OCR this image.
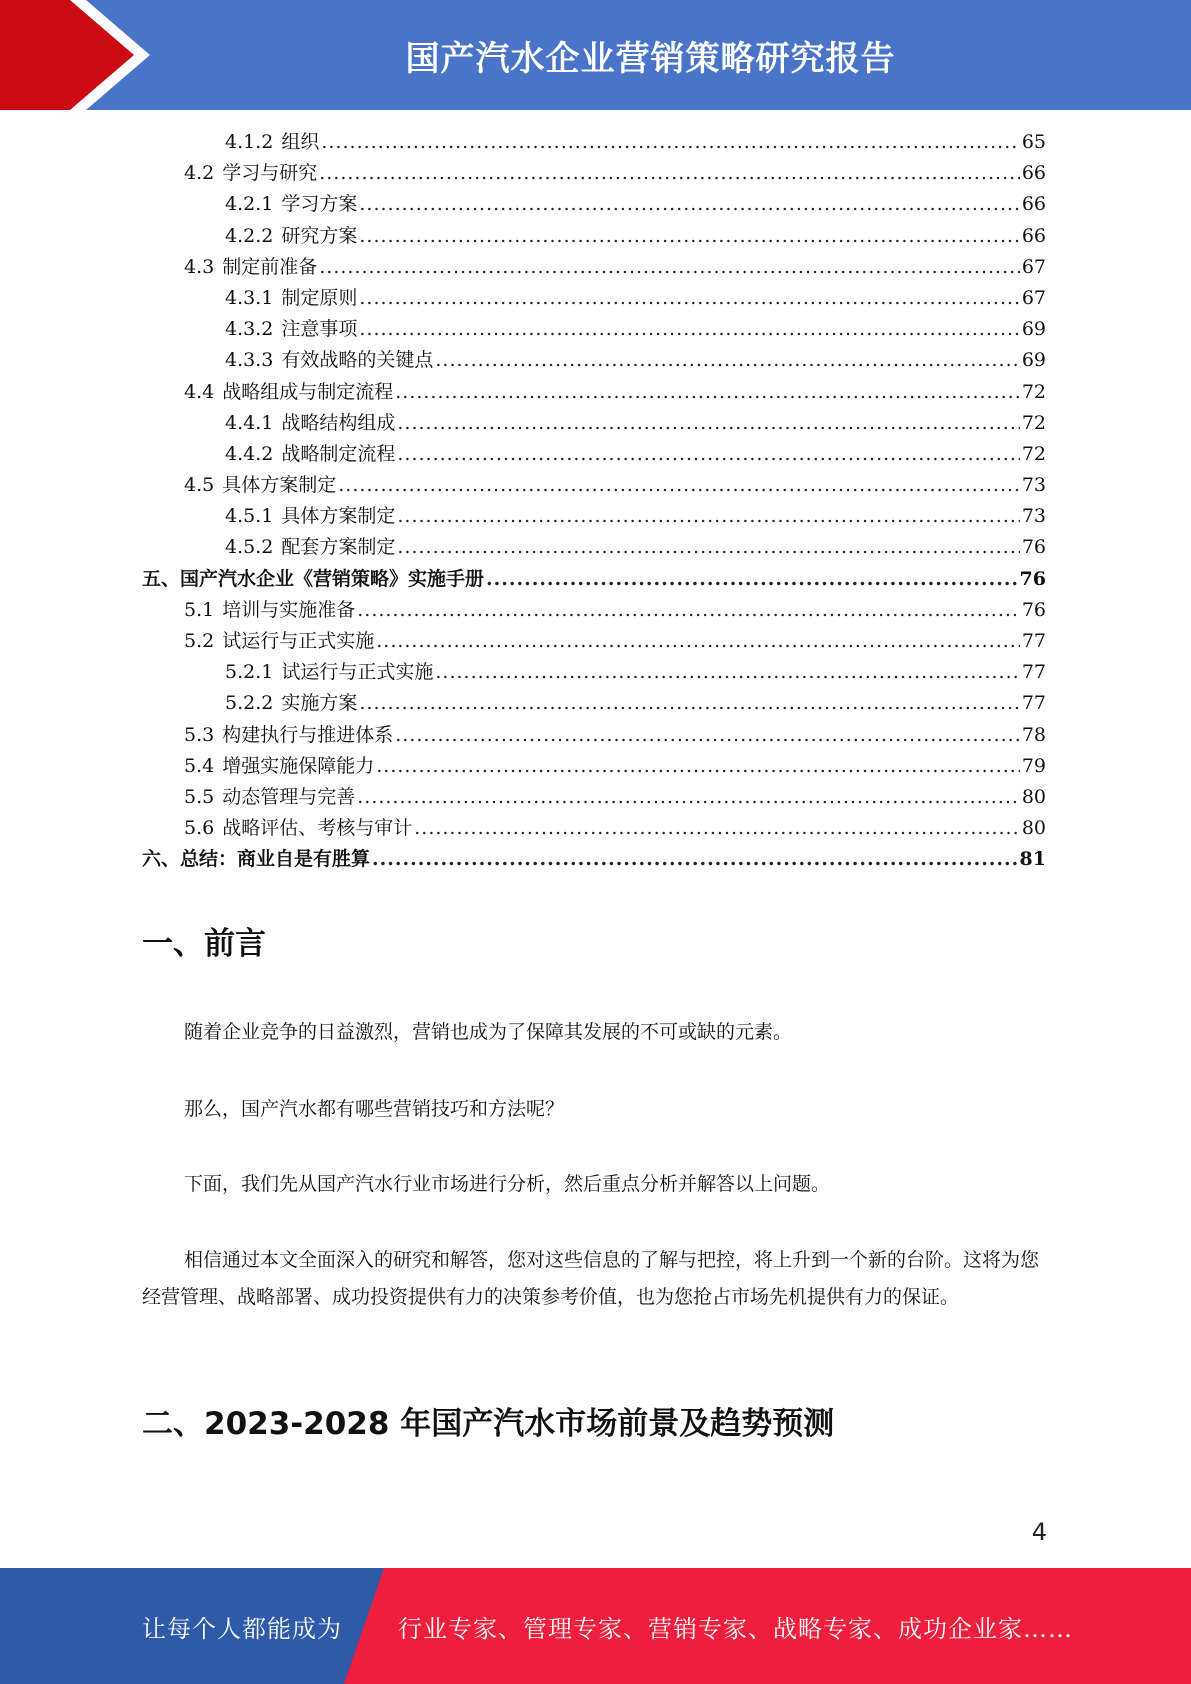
国产汽水企业营销策略研究报告
4.1.2 组织 .....	65
4.2 学习与研究 .....	66
4.2.1 学习方案 .....	66
4.2.2 研究方案 .....	66
4.3 制定前准备 .....	67
4.3.1 制定原则 .....	67
4.3.2 注意事项 .....	69
4.3.3 有效战略的关键点 .....	69
4.4 战略组成与制定流程 .....	72
4.4.1 战略结构组成 .....	72
4.4.2 战略制定流程 .....	72
4.5 具体方案制定 .....	73
4.5.1 具体方案制定 .....	73
4.5.2 配套方案制定 .....	76
五、国产汽水企业《营销策略》实施手册 .....	76
5.1 培训与实施准备 .....	76
5.2 试运行与正式实施 .....	77
5.2.1 试运行与正式实施 .....	77
5.2.2 实施方案 .....	77
5.3 构建执行与推进体系 .....	78
5.4 增强实施保障能力 .....	79
5.5 动态管理与完善 .....	80
5.6 战略评估、考核与审计 .....	80
六、总结：商业自是有胜算 .....	81
一、前言

随着企业竞争的日益激烈，营销也成为了保障其发展的不可或缺的元素。

那么，国产汽水都有哪些营销技巧和方法呢？

下面，我们先从国产汽水行业市场进行分析，然后重点分析并解答以上问题。

相信通过本文全面深入的研究和解答，您对这些信息的了解与把控，将上升到一个新的台阶。这将为您经营管理、战略部署、成功投资提供有力的决策参考价值，也为您抢占市场先机提供有力的保证。

二、2023-2028 年国产汽水市场前景及趋势预测
4
让每个人都能成为 行业专家、管理专家、营销专家、战略专家、成功企业家……
